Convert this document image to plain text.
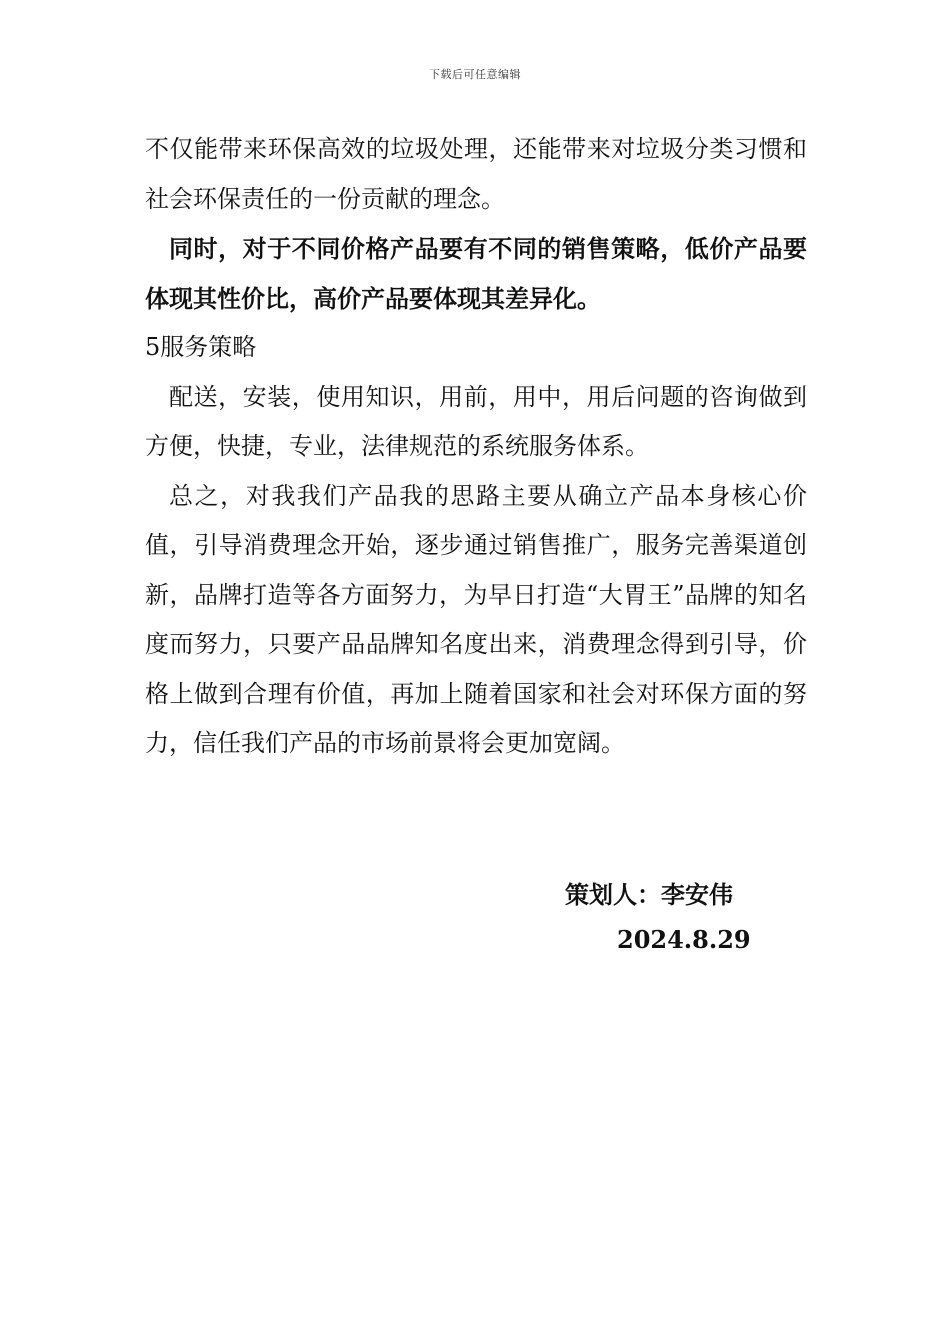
下载后可任意编辑

不仅能带来环保高效的垃圾处理，还能带来对垃圾分类习惯和社会环保责任的一份贡献的理念。

同时，对于不同价格产品要有不同的销售策略，低价产品要体现其性价比，高价产品要体现其差异化。

5服务策略

配送，安装，使用知识，用前，用中，用后问题的咨询做到方便，快捷，专业，法律规范的系统服务体系。

总之，对我我们产品我的思路主要从确立产品本身核心价值，引导消费理念开始，逐步通过销售推广，服务完善渠道创新，品牌打造等各方面努力，为早日打造“大胃王”品牌的知名度而努力，只要产品品牌知名度出来，消费理念得到引导，价格上做到合理有价值，再加上随着国家和社会对环保方面的努力，信任我们产品的市场前景将会更加宽阔。

策划人：李安伟
2024.8.29
